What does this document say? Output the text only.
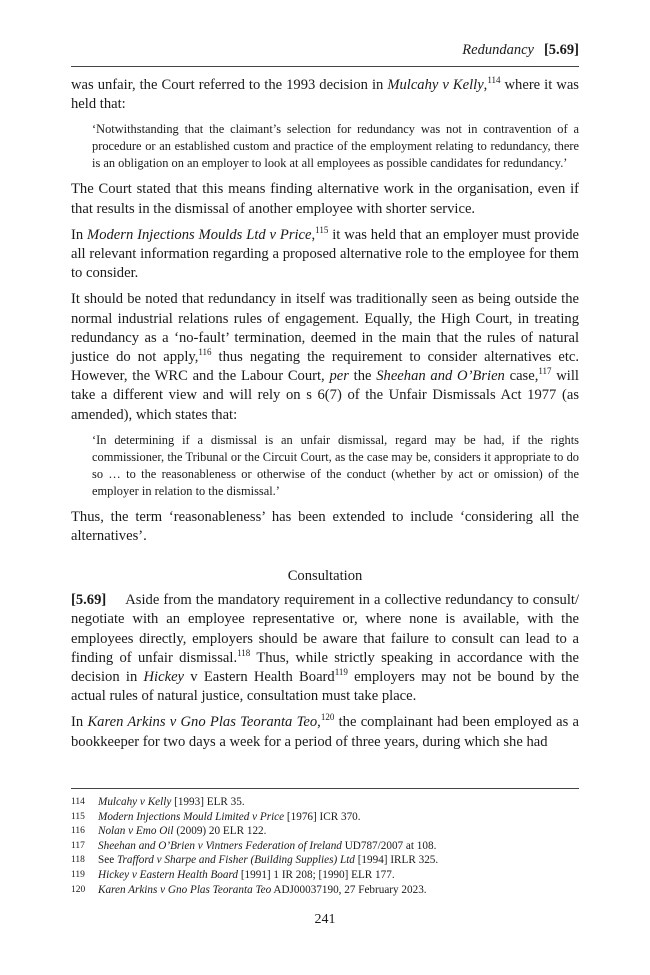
Redundancy [5.69]

was unfair, the Court referred to the 1993 decision in Mulcahy v Kelly,$^{114}$ where it was held that:

‘Notwithstanding that the claimant’s selection for redundancy was not in contravention of a procedure or an established custom and practice of the employment relating to redundancy, there is an obligation on an employer to look at all employees as possible candidates for redundancy.’

The Court stated that this means finding alternative work in the organisation, even if that results in the dismissal of another employee with shorter service.

In Modern Injections Moulds Ltd v Price,$^{115}$ it was held that an employer must provide all relevant information regarding a proposed alternative role to the employee for them to consider.

It should be noted that redundancy in itself was traditionally seen as being outside the normal industrial relations rules of engagement. Equally, the High Court, in treating redundancy as a ‘no-fault’ termination, deemed in the main that the rules of natural justice do not apply,$^{116}$ thus negating the requirement to consider alternatives etc. However, the WRC and the Labour Court, per the Sheehan and O’Brien case,$^{117}$ will take a different view and will rely on s 6(7) of the Unfair Dismissals Act 1977 (as amended), which states that:

‘In determining if a dismissal is an unfair dismissal, regard may be had, if the rights commissioner, the Tribunal or the Circuit Court, as the case may be, considers it appropriate to do so … to the reasonableness or otherwise of the conduct (whether by act or omission) of the employer in relation to the dismissal.’

Thus, the term ‘reasonableness’ has been extended to include ‘considering all the alternatives’.

Consultation

[5.69] Aside from the mandatory requirement in a collective redundancy to consult/ negotiate with an employee representative or, where none is available, with the employees directly, employers should be aware that failure to consult can lead to a finding of unfair dismissal.$^{118}$ Thus, while strictly speaking in accordance with the decision in Hickey v Eastern Health Board$^{119}$ employers may not be bound by the actual rules of natural justice, consultation must take place.

In Karen Arkins v Gno Plas Teoranta Teo,$^{120}$ the complainant had been employed as a bookkeeper for two days a week for a period of three years, during which she had

114	Mulcahy v Kelly [1993] ELR 35.
115	Modern Injections Mould Limited v Price [1976] ICR 370.
116	Nolan v Emo Oil (2009) 20 ELR 122.
117	Sheehan and O’Brien v Vintners Federation of Ireland UD787/2007 at 108.
118	See Trafford v Sharpe and Fisher (Building Supplies) Ltd [1994] IRLR 325.
119	Hickey v Eastern Health Board [1991] 1 IR 208; [1990] ELR 177.
120	Karen Arkins v Gno Plas Teoranta Teo ADJ00037190, 27 February 2023.
241
